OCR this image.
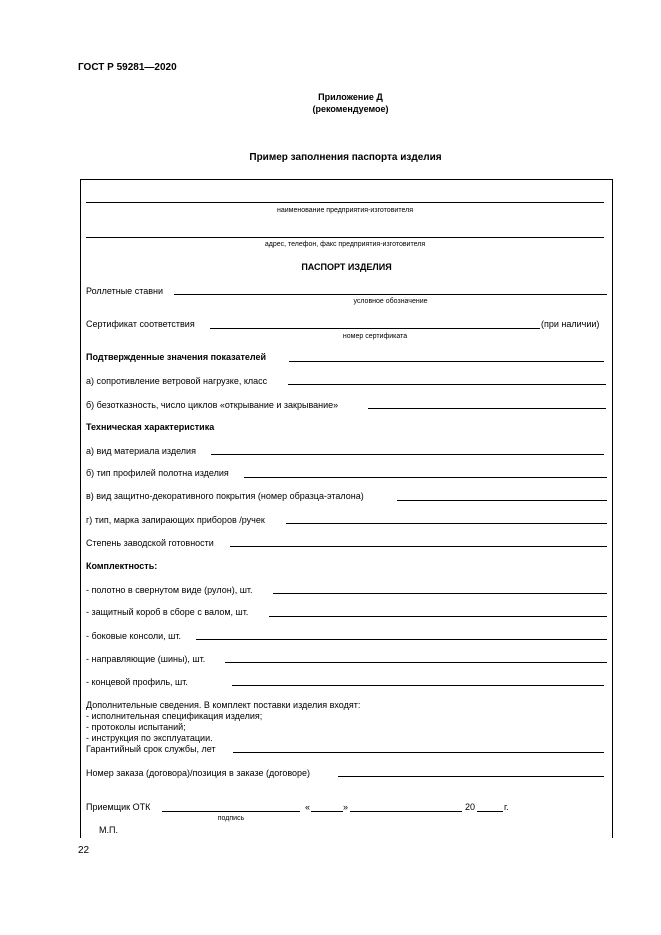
ГОСТ Р 59281—2020
Приложение Д
(рекомендуемое)
Пример заполнения паспорта изделия
наименование предприятия-изготовителя
адрес, телефон, факс предприятия-изготовителя
ПАСПОРТ ИЗДЕЛИЯ
Роллетные ставни
условное обозначение
Сертификат соответствия	(при наличии)
номер сертификата
Подтвержденные значения показателей
а) сопротивление ветровой нагрузке, класс
б) безотказность, число циклов «открывание и закрывание»
Техническая характеристика
а) вид материала изделия
б) тип профилей полотна изделия
в) вид защитно-декоративного покрытия (номер образца-эталона)
г) тип, марка запирающих приборов /ручек
Степень заводской готовности
Комплектность:
- полотно в свернутом виде (рулон), шт.
- защитный короб в сборе с валом, шт.
- боковые консоли, шт.
- направляющие (шины), шт.
- концевой профиль, шт.
Дополнительные сведения. В комплект поставки изделия входят:
- исполнительная спецификация изделия;
- протоколы испытаний;
- инструкция по эксплуатации.
Гарантийный срок службы, лет
Номер заказа (договора)/позиция в заказе (договоре)
Приемщик ОТК	«	»	20	г.
подпись
М.П.
22
